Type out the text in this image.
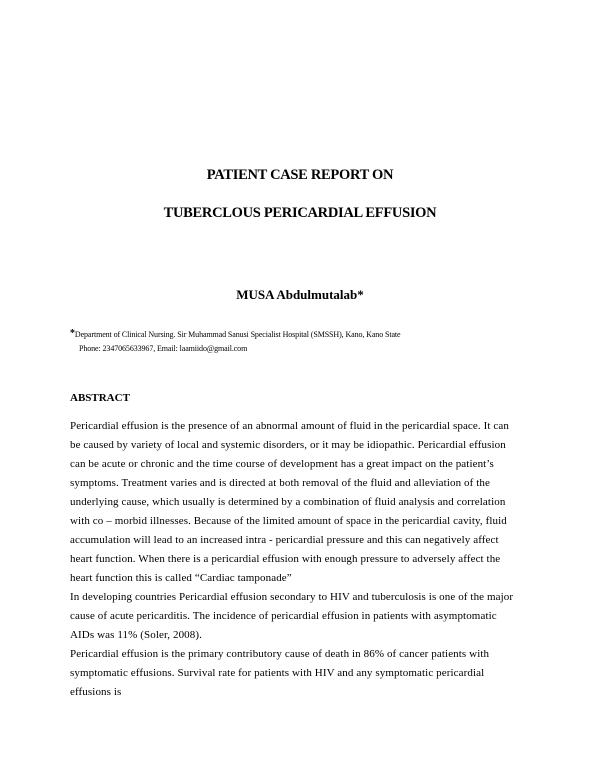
PATIENT CASE REPORT ON
TUBERCLOUS PERICARDIAL EFFUSION
MUSA Abdulmutalab*
*Department of Clinical Nursing. Sir Muhammad Sanusi Specialist Hospital (SMSSH), Kano, Kano State
Phone: 2347065633967, Email: laamiido@gmail.com
ABSTRACT
Pericardial effusion is the presence of an abnormal amount of fluid in the pericardial space. It can
be caused by variety of local and systemic disorders, or it may be idiopathic. Pericardial effusion
can be acute or chronic and the time course of development has a great impact on the patient’s
symptoms. Treatment varies and is directed at both removal of the fluid and alleviation of the
underlying cause, which usually is determined by a combination of fluid analysis and correlation
with co – morbid illnesses. Because of the limited amount of space in the pericardial cavity, fluid
accumulation will lead to an increased intra - pericardial pressure and this can negatively affect
heart function. When there is a pericardial effusion with enough pressure to adversely affect the
heart function this is called “Cardiac tamponade”
In developing countries Pericardial effusion secondary to HIV and tuberculosis is one of the major
cause of acute pericarditis. The incidence of pericardial effusion in patients with asymptomatic
AIDs was 11% (Soler, 2008).
Pericardial effusion is the primary contributory cause of death in 86% of cancer patients with
symptomatic effusions. Survival rate for patients with HIV and any symptomatic pericardial
effusions is
